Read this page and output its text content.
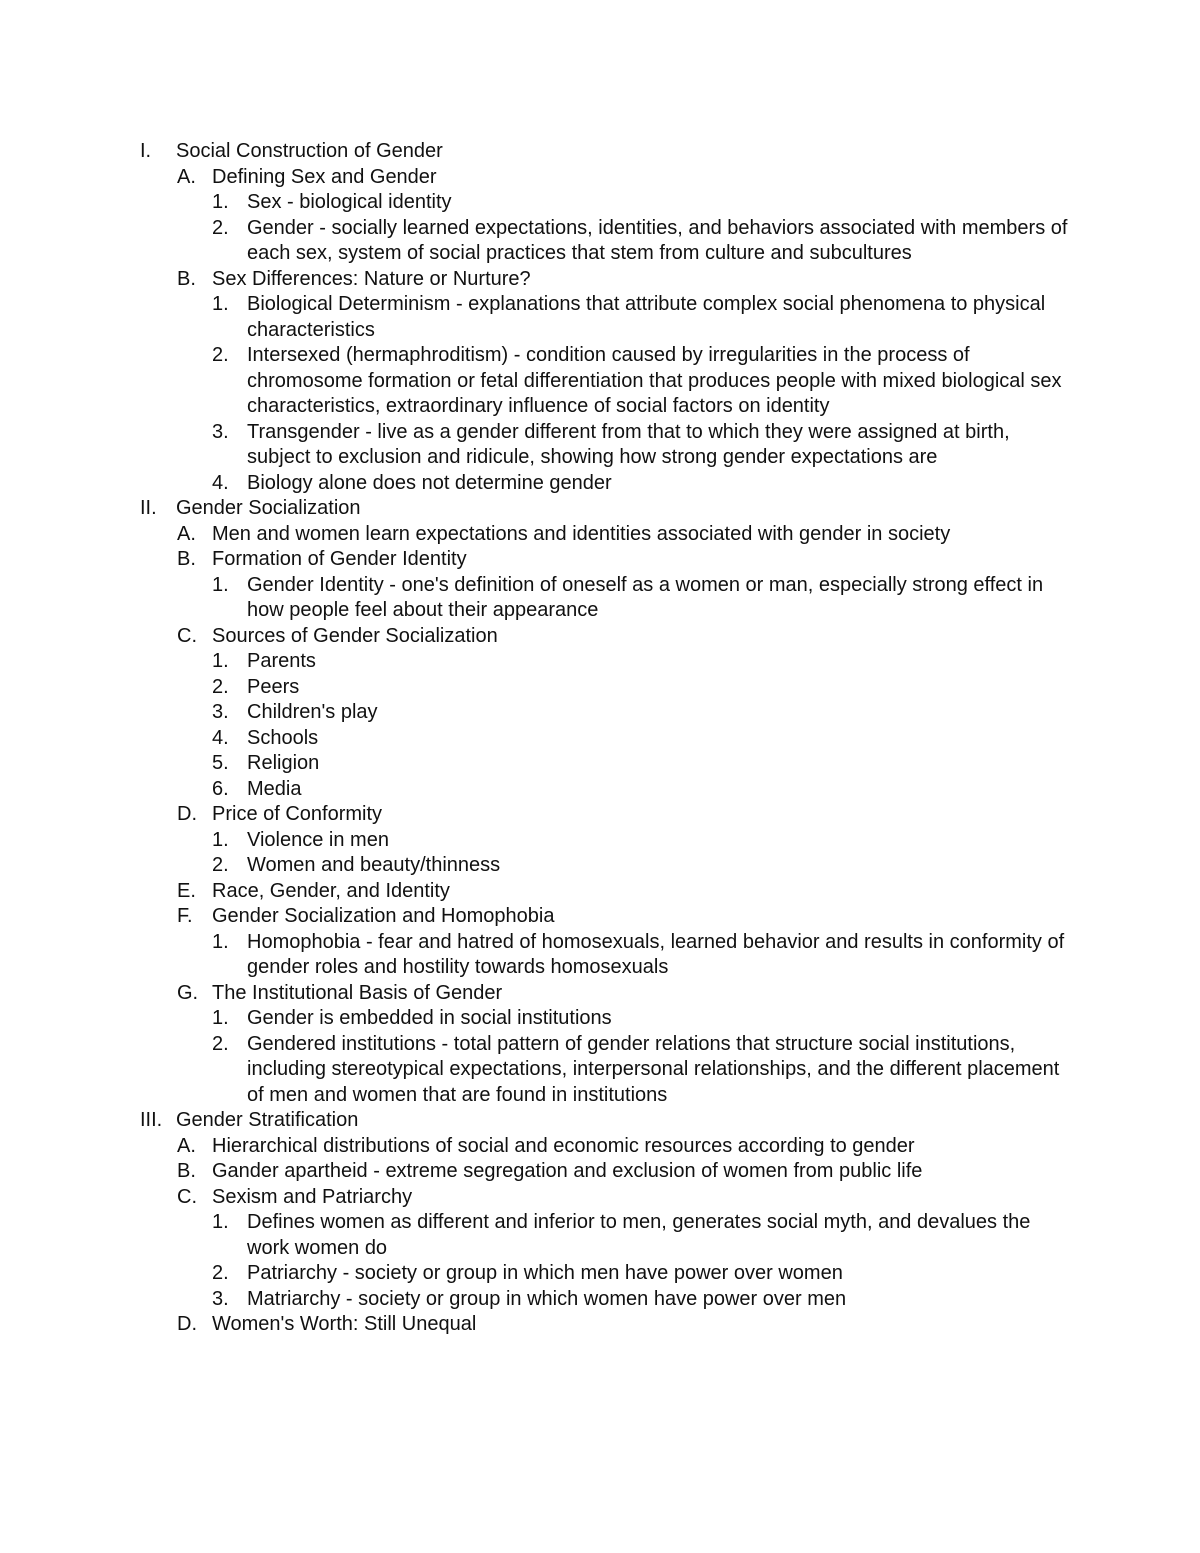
I. Social Construction of Gender
A. Defining Sex and Gender
1. Sex - biological identity
2. Gender - socially learned expectations, identities, and behaviors associated with members of each sex, system of social practices that stem from culture and subcultures
B. Sex Differences: Nature or Nurture?
1. Biological Determinism - explanations that attribute complex social phenomena to physical characteristics
2. Intersexed (hermaphroditism) - condition caused by irregularities in the process of chromosome formation or fetal differentiation that produces people with mixed biological sex characteristics, extraordinary influence of social factors on identity
3. Transgender - live as a gender different from that to which they were assigned at birth, subject to exclusion and ridicule, showing how strong gender expectations are
4. Biology alone does not determine gender
II. Gender Socialization
A. Men and women learn expectations and identities associated with gender in society
B. Formation of Gender Identity
1. Gender Identity - one's definition of oneself as a women or man, especially strong effect in how people feel about their appearance
C. Sources of Gender Socialization
1. Parents
2. Peers
3. Children's play
4. Schools
5. Religion
6. Media
D. Price of Conformity
1. Violence in men
2. Women and beauty/thinness
E. Race, Gender, and Identity
F. Gender Socialization and Homophobia
1. Homophobia - fear and hatred of homosexuals, learned behavior and results in conformity of gender roles and hostility towards homosexuals
G. The Institutional Basis of Gender
1. Gender is embedded in social institutions
2. Gendered institutions - total pattern of gender relations that structure social institutions, including stereotypical expectations, interpersonal relationships, and the different placement of men and women that are found in institutions
III. Gender Stratification
A. Hierarchical distributions of social and economic resources according to gender
B. Gander apartheid - extreme segregation and exclusion of women from public life
C. Sexism and Patriarchy
1. Defines women as different and inferior to men, generates social myth, and devalues the work women do
2. Patriarchy - society or group in which men have power over women
3. Matriarchy - society or group in which women have power over men
D. Women's Worth: Still Unequal
